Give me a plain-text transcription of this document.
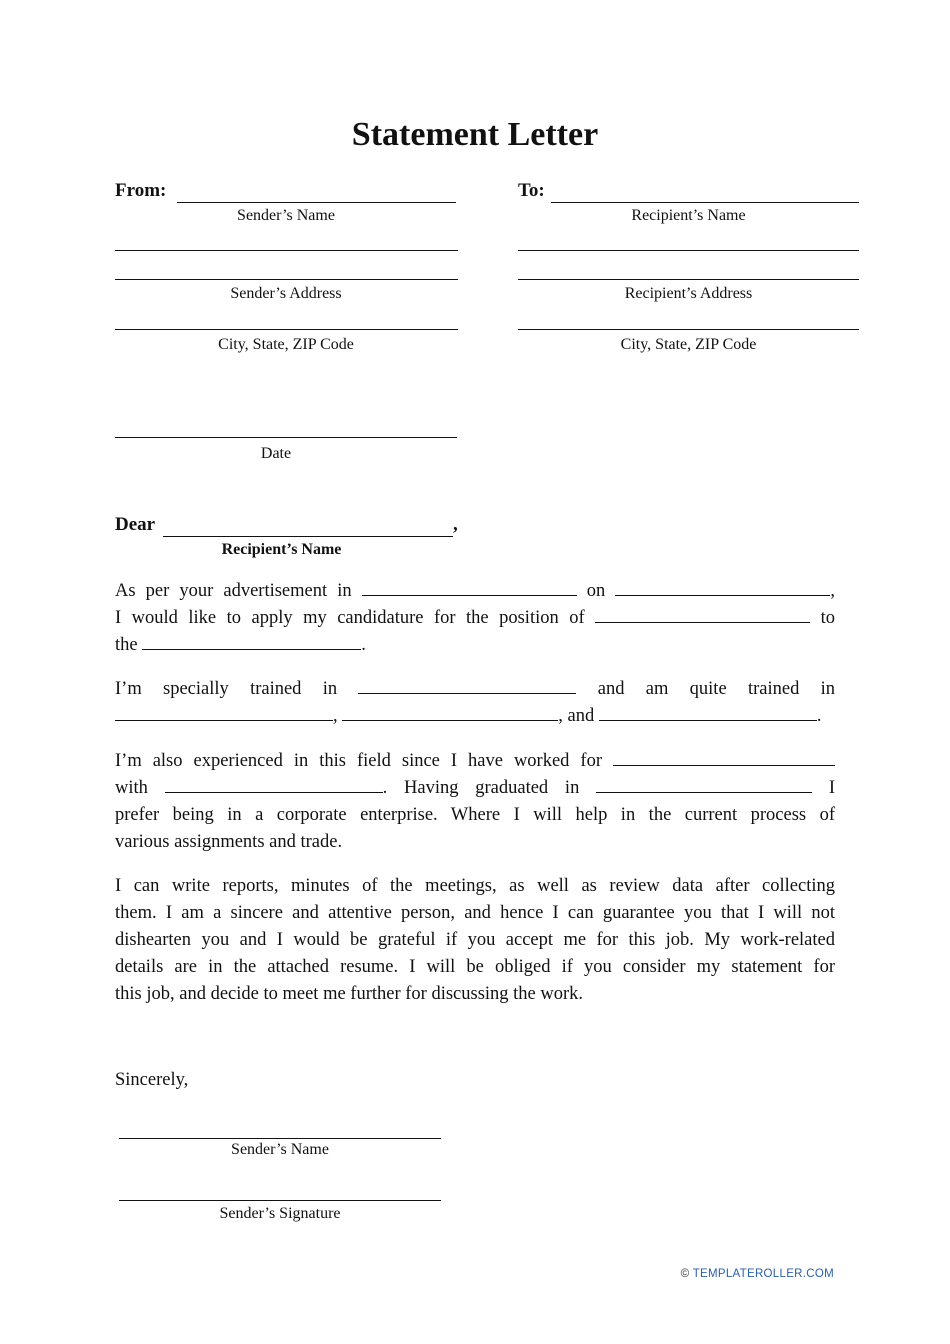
Statement Letter
From:
Sender’s Name
Sender’s Address
City, State, ZIP Code
To:
Recipient’s Name
Recipient’s Address
City, State, ZIP Code
Date
Dear	,
Recipient’s Name

As per your advertisement in	on	,

I would like to apply my candidature for the position of	to

the	.

I’m specially trained in	and am quite trained in

,	, and	.

I’m also experienced in this field since I have worked for

with	. Having graduated in	I

prefer being in a corporate enterprise. Where I will help in the current process of

various assignments and trade.

I can write reports, minutes of the meetings, as well as review data after collecting

them. I am a sincere and attentive person, and hence I can guarantee you that I will not

dishearten you and I would be grateful if you accept me for this job. My work-related

details are in the attached resume. I will be obliged if you consider my statement for

this job, and decide to meet me further for discussing the work.

Sincerely,
Sender’s Name
Sender’s Signature
© TEMPLATEROLLER.COM
